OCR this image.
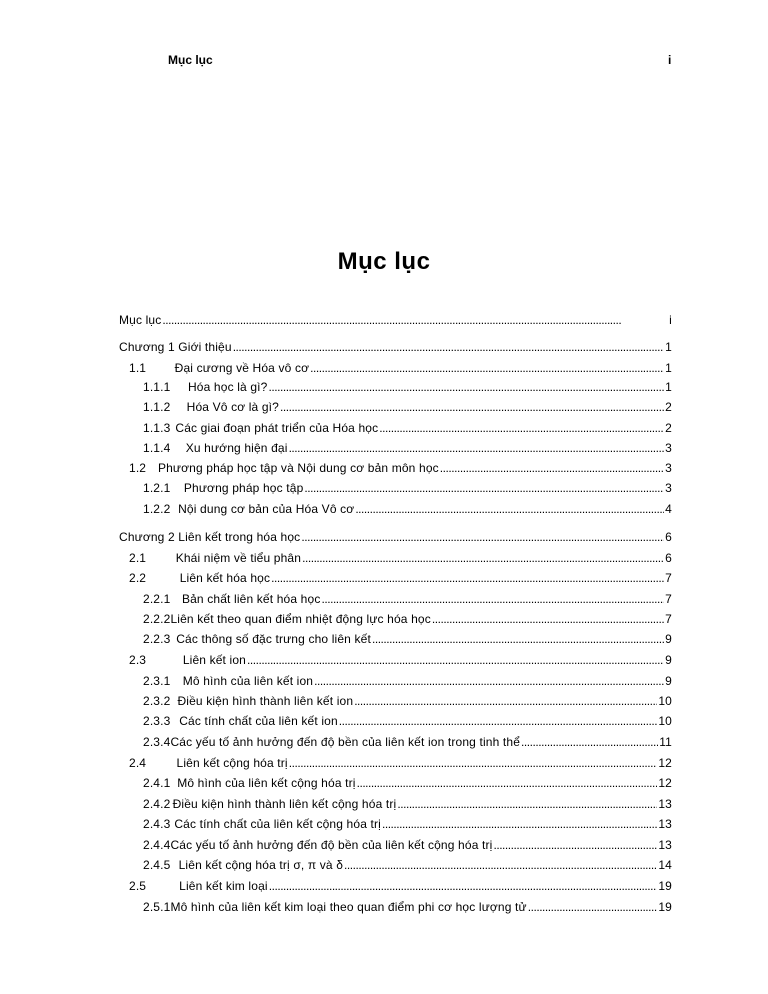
Mục lục	i
Mục lục
Mục lục . . .	i
Chương 1 Giới thiệu . . .	1
1.1	Đại cương về Hóa vô cơ . . .	1
1.1.1	Hóa học là gì? . . .	1
1.1.2	Hóa Vô cơ là gì? . . .	2
1.1.3 Các giai đoạn phát triển của Hóa học . . .	2
1.1.4	Xu hướng hiện đại . . .	3
1.2 Phương pháp học tập và Nội dung cơ bản môn học . . .	3
1.2.1	Phương pháp học tập . . .	3
1.2.2 Nội dung cơ bản của Hóa Vô cơ . . .	4
Chương 2 Liên kết trong hóa học . . .	6
2.1	Khái niệm về tiểu phân . . .	6
2.2	Liên kết hóa học . . .	7
2.2.1 Bản chất liên kết hóa học . . .	7
2.2.2 Liên kết theo quan điểm nhiệt động lực hóa học . . .	7
2.2.3 Các thông số đặc trưng cho liên kết . . .	9
2.3	Liên kết ion . . .	9
2.3.1	Mô hình của liên kết ion . . .	9
2.3.2 Điều kiện hình thành liên kết ion . . .	10
2.3.3 Các tính chất của liên kết ion . . .	10
2.3.4 Các yếu tố ảnh hưởng đến độ bền của liên kết ion trong tinh thể . . .	11
2.4	Liên kết cộng hóa trị . . .	12
2.4.1 Mô hình của liên kết cộng hóa trị . . .	12
2.4.2 Điều kiện hình thành liên kết cộng hóa trị . . .	13
2.4.3 Các tính chất của liên kết cộng hóa trị . . .	13
2.4.4 Các yếu tố ảnh hưởng đến độ bền của liên kết cộng hóa trị . . .	13
2.4.5 Liên kết cộng hóa trị σ, π và δ . . .	14
2.5	Liên kết kim loại . . .	19
2.5.1 Mô hình của liên kết kim loại theo quan điểm phi cơ học lượng tử . . .	19
